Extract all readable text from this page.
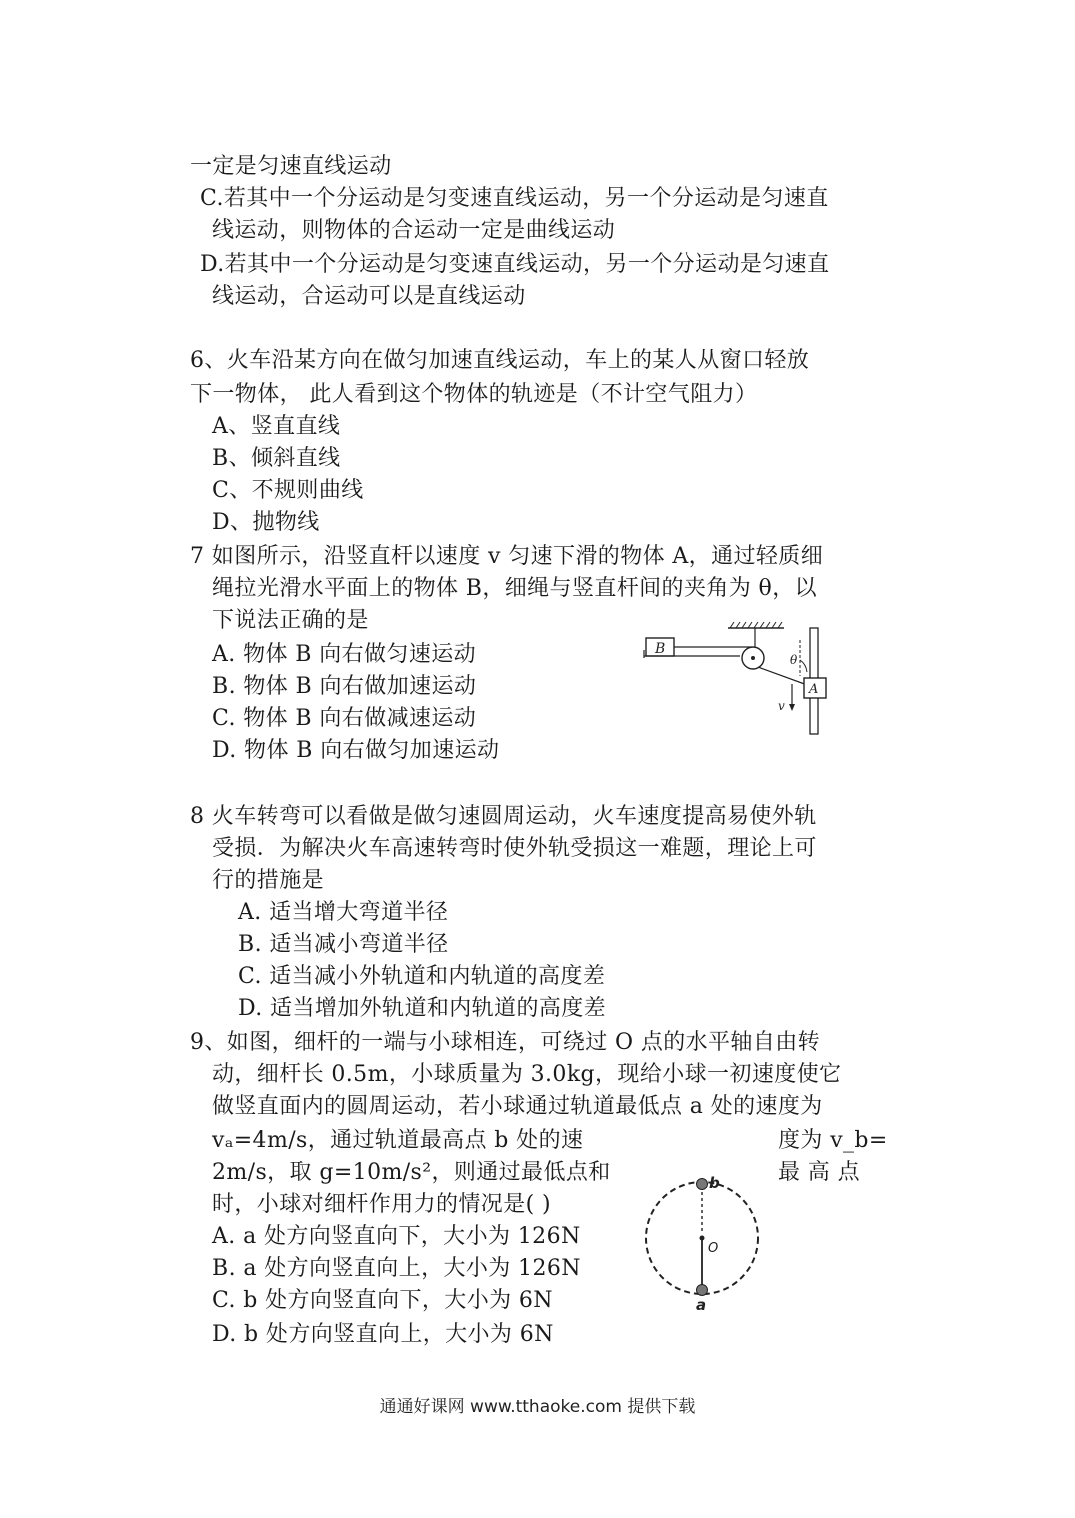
一定是匀速直线运动
C.若其中一个分运动是匀变速直线运动，另一个分运动是匀速直
线运动，则物体的合运动一定是曲线运动
D.若其中一个分运动是匀变速直线运动，另一个分运动是匀速直
线运动，合运动可以是直线运动
6、火车沿某方向在做匀加速直线运动，车上的某人从窗口轻放
下一物体， 此人看到这个物体的轨迹是（不计空气阻力）
A、竖直直线
B、倾斜直线
C、不规则曲线
D、抛物线
7 如图所示，沿竖直杆以速度 v 匀速下滑的物体 A，通过轻质细
绳拉光滑水平面上的物体 B，细绳与竖直杆间的夹角为 θ，以
下说法正确的是
A. 物体 B 向右做匀速运动
B. 物体 B 向右做加速运动
C. 物体 B 向右做减速运动
D. 物体 B 向右做匀加速运动
B
θ
A
v
8 火车转弯可以看做是做匀速圆周运动，火车速度提高易使外轨
受损．为解决火车高速转弯时使外轨受损这一难题，理论上可
行的措施是
A. 适当增大弯道半径
B. 适当减小弯道半径
C. 适当减小外轨道和内轨道的高度差
D. 适当增加外轨道和内轨道的高度差
9、如图，细杆的一端与小球相连，可绕过 O 点的水平轴自由转
动，细杆长 0.5m，小球质量为 3.0kg，现给小球一初速度使它
做竖直面内的圆周运动，若小球通过轨道最低点 a 处的速度为
vₐ=4m/s，通过轨道最高点 b 处的速	度为 v_b=
2m/s，取 g=10m/s²，则通过最低点和	最 高 点
时，小球对细杆作用力的情况是( )
A. a 处方向竖直向下，大小为 126N
B. a 处方向竖直向上，大小为 126N
C. b 处方向竖直向下，大小为 6N
D. b 处方向竖直向上，大小为 6N
O
b
a
通通好课网 www.tthaoke.com 提供下载
